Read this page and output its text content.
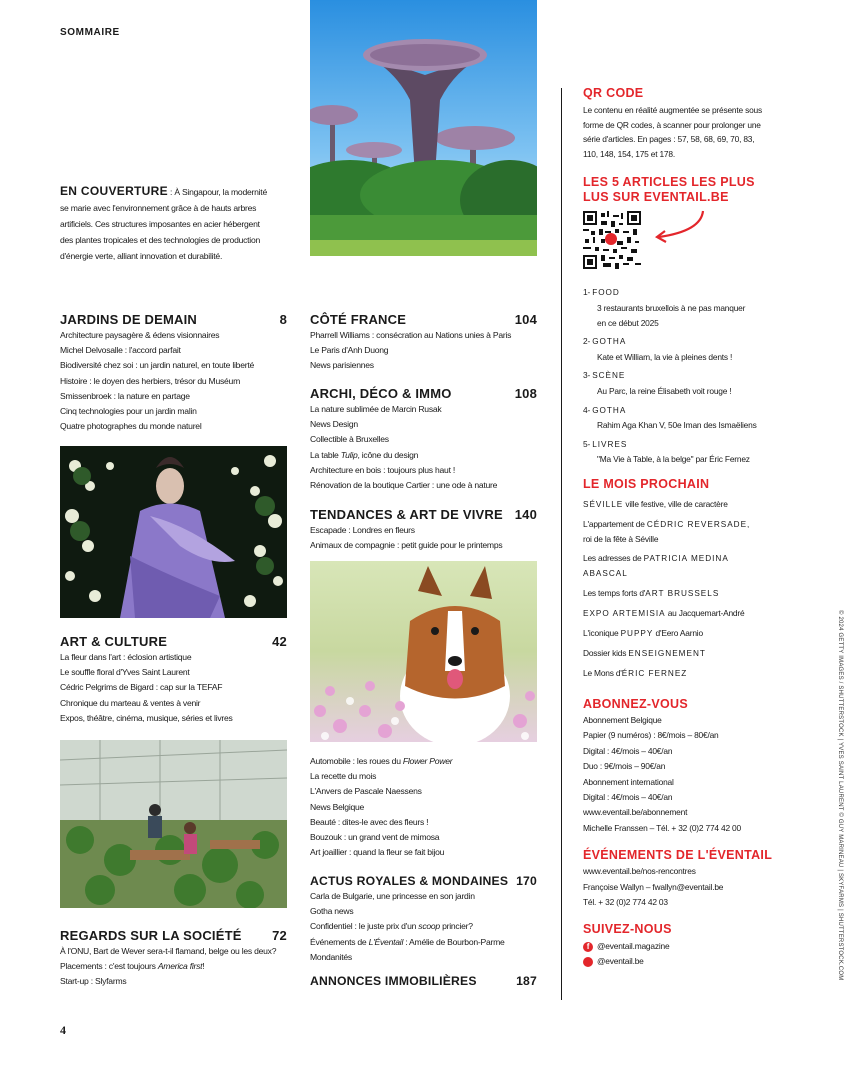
SOMMAIRE
EN COUVERTURE : À Singapour, la modernité
se marie avec l'environnement grâce à de hauts arbres
artificiels. Ces structures imposantes en acier hébergent
des plantes tropicales et des technologies de production
d'énergie verte, alliant innovation et durabilité.
JARDINS DE DEMAIN	8
Architecture paysagère & édens visionnaires
Michel Delvosalle : l'accord parfait
Biodiversité chez soi : un jardin naturel, en toute liberté
Histoire : le doyen des herbiers, trésor du Muséum
Smissenbroek : la nature en partage
Cinq technologies pour un jardin malin
Quatre photographes du monde naturel
ART & CULTURE	42
La fleur dans l'art : éclosion artistique
Le souffle floral d'Yves Saint Laurent
Cédric Pelgrims de Bigard : cap sur la TEFAF
Chronique du marteau & ventes à venir
Expos, théâtre, cinéma, musique, séries et livres
REGARDS SUR LA SOCIÉTÉ 72
À l'ONU, Bart de Wever sera-t-il flamand, belge ou les deux?
Placements : c'est toujours America first!
Start-up : Slyfarms
CÔTÉ FRANCE	104
Pharrell Williams : consécration au Nations unies à Paris
Le Paris d'Anh Duong
News parisiennes
ARCHI, DÉCO & IMMO	108
La nature sublimée de Marcin Rusak
News Design
Collectible à Bruxelles
La table Tulip, icône du design
Architecture en bois : toujours plus haut !
Rénovation de la boutique Cartier : une ode à nature
TENDANCES & ART DE VIVRE 140
Escapade : Londres en fleurs
Animaux de compagnie : petit guide pour le printemps
Automobile : les roues du Flower Power
La recette du mois
L'Anvers de Pascale Naessens
News Belgique
Beauté : dites-le avec des fleurs !
Bouzouk : un grand vent de mimosa
Art joaillier : quand la fleur se fait bijou
ACTUS ROYALES & MONDAINES 170
Carla de Bulgarie, une princesse en son jardin
Gotha news
Confidentiel : le juste prix d'un scoop princier?
Événements de L'Éventail : Amélie de Bourbon-Parme
Mondanités
ANNONCES IMMOBILIÈRES	187
QR CODE
Le contenu en réalité augmentée se présente sous
forme de QR codes, à scanner pour prolonger une
série d'articles. En pages : 57, 58, 68, 69, 70, 83,
110, 148, 154, 175 et 178.
LES 5 ARTICLES LES PLUS
LUS SUR EVENTAIL.BE
1- FOOD
3 restaurants bruxellois à ne pas manquer
en ce début 2025
2- GOTHA
Kate et William, la vie à pleines dents !
3- SCÈNE
Au Parc, la reine Élisabeth voit rouge !
4- GOTHA
Rahim Aga Khan V, 50e Iman des Ismaëliens
5- LIVRES
"Ma Vie à Table, à la belge" par Éric Fernez
LE MOIS PROCHAIN
SÉVILLE ville festive, ville de caractère
L'appartement de CÉDRIC REVERSADE,
roi de la fête à Séville
Les adresses de PATRICIA MEDINA
ABASCAL
Les temps forts d'ART BRUSSELS
EXPO ARTEMISIA au Jacquemart-André
L'iconique PUPPY d'Eero Aarnio
Dossier kids ENSEIGNEMENT
Le Mons d'ÉRIC FERNEZ
ABONNEZ-VOUS
Abonnement Belgique
Papier (9 numéros) : 8€/mois – 80€/an
Digital : 4€/mois – 40€/an
Duo : 9€/mois – 90€/an
Abonnement international
Digital : 4€/mois – 40€/an
www.eventail.be/abonnement
Michelle Franssen – Tél. + 32 (0)2 774 42 00
ÉVÉNEMENTS DE L'ÉVENTAIL
www.eventail.be/nos-rencontres
Françoise Wallyn – fwallyn@eventail.be
Tél. + 32 (0)2 774 42 03
SUIVEZ-NOUS
f @eventail.magazine
@eventail.be	© 2024 GETTY IMAGES / SHUTTERSTOCK | YVES SAINT LAURENT © GUY MARINEAU | SKYFARMS | SHUTTERSTOCK.COM
4
